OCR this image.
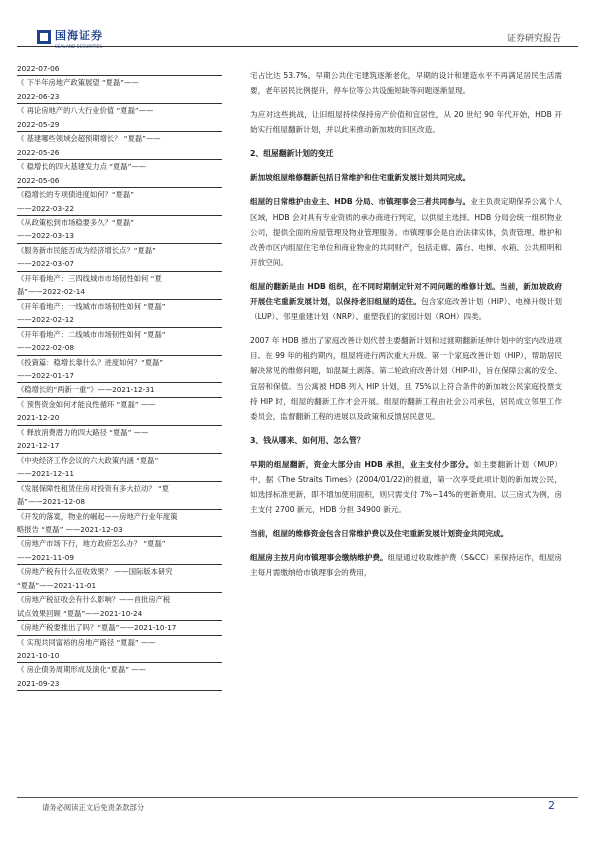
国海证券	证券研究报告
2022-07-06
《 下半年房地产政策展望 “夏磊”——
2022-06-23
《 再论房地产的八大行业价值 “夏磊”——
2022-05-29
《 基建哪些领域会超预期增长？ “夏磊”——
2022-05-26
《 稳增长的四大基建发力点 “夏磊”——
2022-05-06
《稳增长的专项债进度如何？“夏磊”
——2022-03-22
《从政策松到市场稳要多久？“夏磊”
——2022-03-13
《服务新市民能否成为经济增长点？“夏磊”
——2022-03-07
《开年看地产：三四线城市市场韧性如何 “夏
磊”——2022-02-14
《开年看地产：一线城市市场韧性如何 “夏磊”
——2022-02-12
《开年看地产：二线城市市场韧性如何 “夏磊”
——2022-02-08
《投資篇：稳增长靠什么？进度如何？“夏磊”
——2022-01-17
《稳增长的“两新一重”》——2021-12-31
《 预售资金如何才能良性循环 “夏磊” ——
2021-12-20
《 释放消费潜力的四大路径 “夏磊” ——
2021-12-17
《中央经济工作会议的六大政策内涵 “夏磊”
——2021-12-11
《发展保障性租赁住房对投资有多大拉动？ “夏
磊”——2021-12-08
《开发的落寞，物业的崛起——房地产行业年度策
略报告 “夏磊” ——2021-12-03
《房地产市场下行，地方政府怎么办？ “夏磊”
——2021-11-09
《房地产税有什么征收效果？ ——国际版本研究
“夏磊”——2021-11-01
《房地产税征收会有什么影响？——首批房产税
试点效果回顾 “夏磊”——2021-10-24
《房地产税要推出了吗？“夏磊”——2021-10-17
《 实现共同富裕的房地产路径 “夏磊” ——
2021-10-10
《 房企债务周期形成及演化“夏磊” ——
2021-09-23

宅占比达 53.7%。早期公共住宅建筑逐渐老化，早期的设计和建造水平不再满足居民生活需要，老年居民比例提升，停车位等公共设施短缺等问题逐渐显现。

为应对这些挑战，让旧组屋持续保持房产价值和宜居性，从 20 世纪 90 年代开始，HDB 开始实行组屋翻新计划，并以此来推动新加坡的旧区改造。

2、组屋翻新计划的变迁

新加坡组屋维修翻新包括日常维护和住宅重新发展计划共同完成。

组屋的日常维护由业主、HDB 分局、市镇理事会三者共同参与。业主负责定期保养公寓个人区域，HDB 会对具有专业资质的承办商进行判定，以供屋主选择。HDB 分局会统一组织物业公司，提供全面的房屋管理及物业管理服务。市镇理事会是自治法律实体，负责管理、维护和改善市区内组屋住宅单位和商业物业的共同财产，包括走廊、露台、电梯、水箱、公共照明和开放空间。

组屋的翻新是由 HDB 组织，在不同时期制定针对不同问题的维修计划。当前，新加坡政府开展住宅重新发展计划，以保持老旧组屋的适住。包含家庭改善计划（HIP）、电梯升级计划（LUP）、邻里重建计划（NRP）、重塑我们的家园计划（ROH）四类。

2007 年 HDB 推出了家庭改善计划代替主要翻新计划和过渡期翻新延伸计划中的室内改进项目。在 99 年的租约期内，组屋将进行两次重大升级。第一个家庭改善计划（HIP），帮助居民解决常见的维修问题，如混凝土剥落。第二轮政府改善计划（HIP-II），旨在保障公寓的安全、宜居和保值。当公寓被 HDB 列入 HIP 计划，且 75%以上符合条件的新加坡公民家庭投票支持 HIP 时，组屋的翻新工作才会开展。组屋的翻新工程由社会公司承包，居民成立邻里工作委员会，监督翻新工程的进展以及政策和反馈居民意见。

3、钱从哪来、如何用、怎么管？

早期的组屋翻新，资金大部分由 HDB 承担，业主支付少部分。如主要翻新计划（MUP）中，据《The Straits Times》(2004/01/22)的报道，第一次享受此项计划的新加坡公民，如选择标准更新，即不增加使用面积，则只需支付 7%~14%的更新费用。以三房式为例，房主支付 2700 新元，HDB 分担 34900 新元。

当前，组屋的维修资金包含日常维护费以及住宅重新发展计划资金共同完成。

组屋房主按月向市镇理事会缴纳维护费。组屋通过收取维护费（S&CC）来保持运作，组屋房主每月需缴纳给市镇理事会的费用，

请务必阅读正文后免责条款部分	2
